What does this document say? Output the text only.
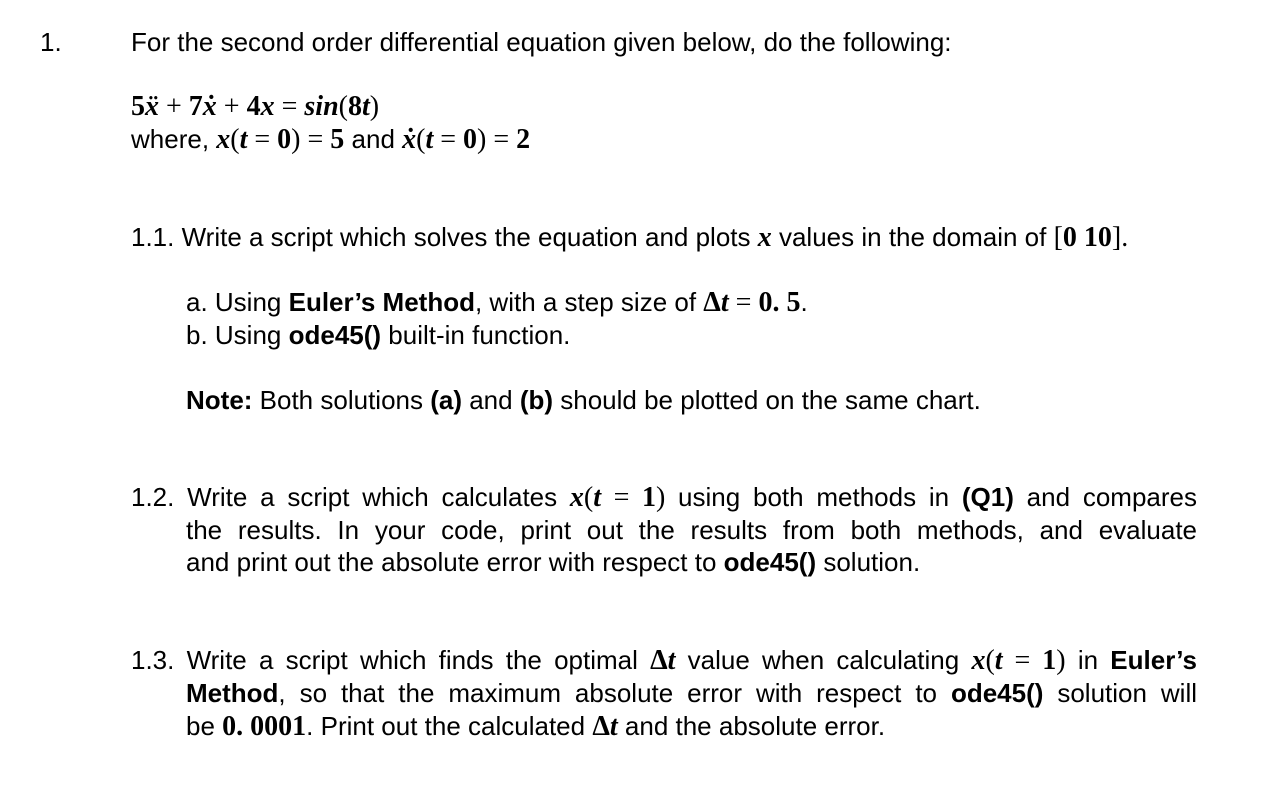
1.	For the second order differential equation given below, do the following:
5ẍ + 7ẋ + 4x = sin(8t)
where, x(t = 0) = 5 and ẋ(t = 0) = 2
1.1. Write a script which solves the equation and plots x values in the domain of [0 10].
a. Using Euler’s Method, with a step size of Δt = 0. 5.
b. Using ode45() built-in function.
Note: Both solutions (a) and (b) should be plotted on the same chart.
1.2. Write a script which calculates x(t = 1) using both methods in (Q1) and compares
the results. In your code, print out the results from both methods, and evaluate
and print out the absolute error with respect to ode45() solution.
1.3. Write a script which finds the optimal Δt value when calculating x(t = 1) in Euler’s
Method, so that the maximum absolute error with respect to ode45() solution will
be 0. 0001. Print out the calculated Δt and the absolute error.
